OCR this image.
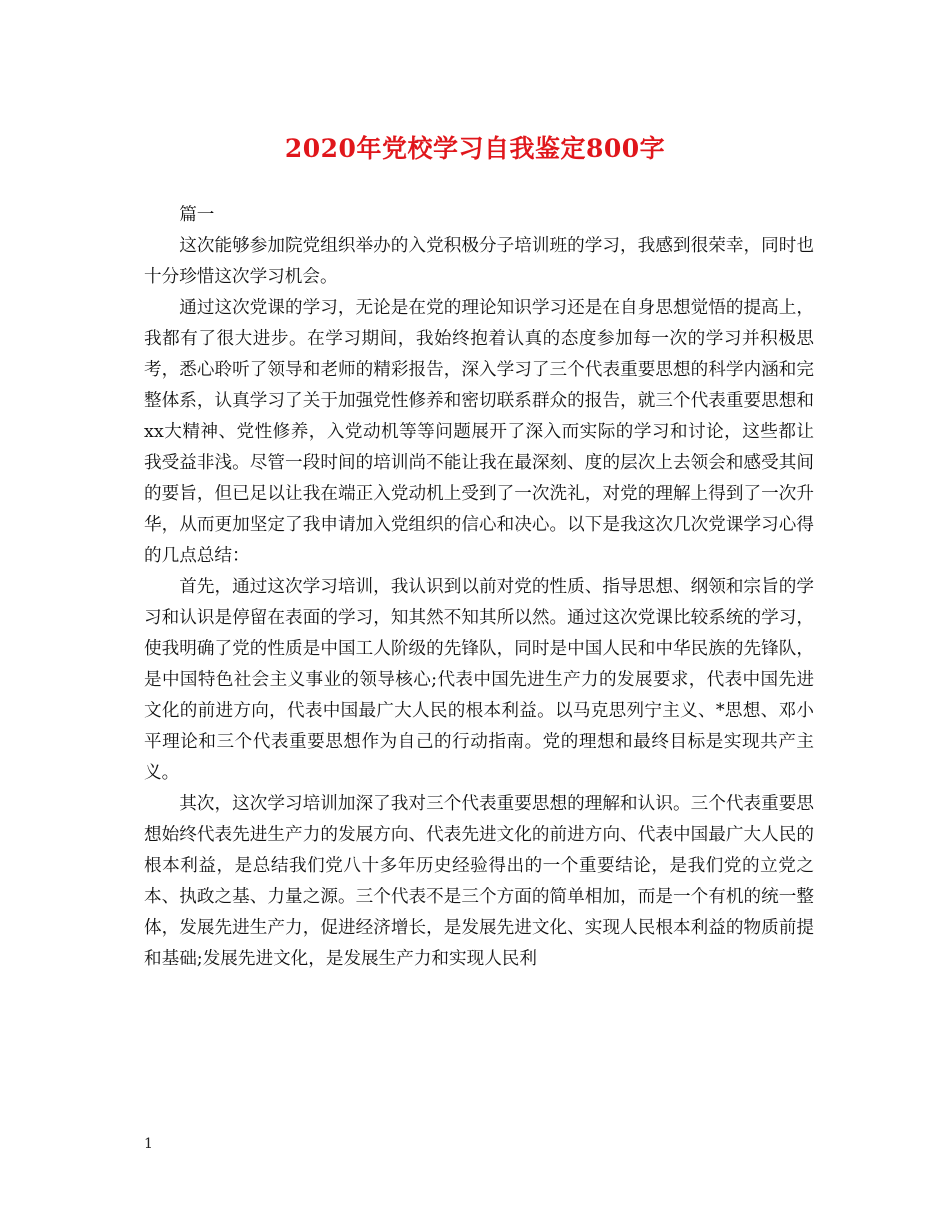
2020年党校学习自我鉴定800字

篇一

这次能够参加院党组织举办的入党积极分子培训班的学习，我感到很荣幸，同时也十分珍惜这次学习机会。

通过这次党课的学习，无论是在党的理论知识学习还是在自身思想觉悟的提高上，我都有了很大进步。在学习期间，我始终抱着认真的态度参加每一次的学习并积极思考，悉心聆听了领导和老师的精彩报告，深入学习了三个代表重要思想的科学内涵和完整体系，认真学习了关于加强党性修养和密切联系群众的报告，就三个代表重要思想和xx大精神、党性修养，入党动机等等问题展开了深入而实际的学习和讨论，这些都让我受益非浅。尽管一段时间的培训尚不能让我在最深刻、度的层次上去领会和感受其间的要旨，但已足以让我在端正入党动机上受到了一次洗礼，对党的理解上得到了一次升华，从而更加坚定了我申请加入党组织的信心和决心。以下是我这次几次党课学习心得的几点总结：

首先，通过这次学习培训，我认识到以前对党的性质、指导思想、纲领和宗旨的学习和认识是停留在表面的学习，知其然不知其所以然。通过这次党课比较系统的学习，使我明确了党的性质是中国工人阶级的先锋队，同时是中国人民和中华民族的先锋队，是中国特色社会主义事业的领导核心;代表中国先进生产力的发展要求，代表中国先进文化的前进方向，代表中国最广大人民的根本利益。以马克思列宁主义、*思想、邓小平理论和三个代表重要思想作为自己的行动指南。党的理想和最终目标是实现共产主义。

其次，这次学习培训加深了我对三个代表重要思想的理解和认识。三个代表重要思想始终代表先进生产力的发展方向、代表先进文化的前进方向、代表中国最广大人民的根本利益，是总结我们党八十多年历史经验得出的一个重要结论，是我们党的立党之本、执政之基、力量之源。三个代表不是三个方面的简单相加，而是一个有机的统一整体，发展先进生产力，促进经济增长，是发展先进文化、实现人民根本利益的物质前提和基础;发展先进文化，是发展生产力和实现人民利

1
